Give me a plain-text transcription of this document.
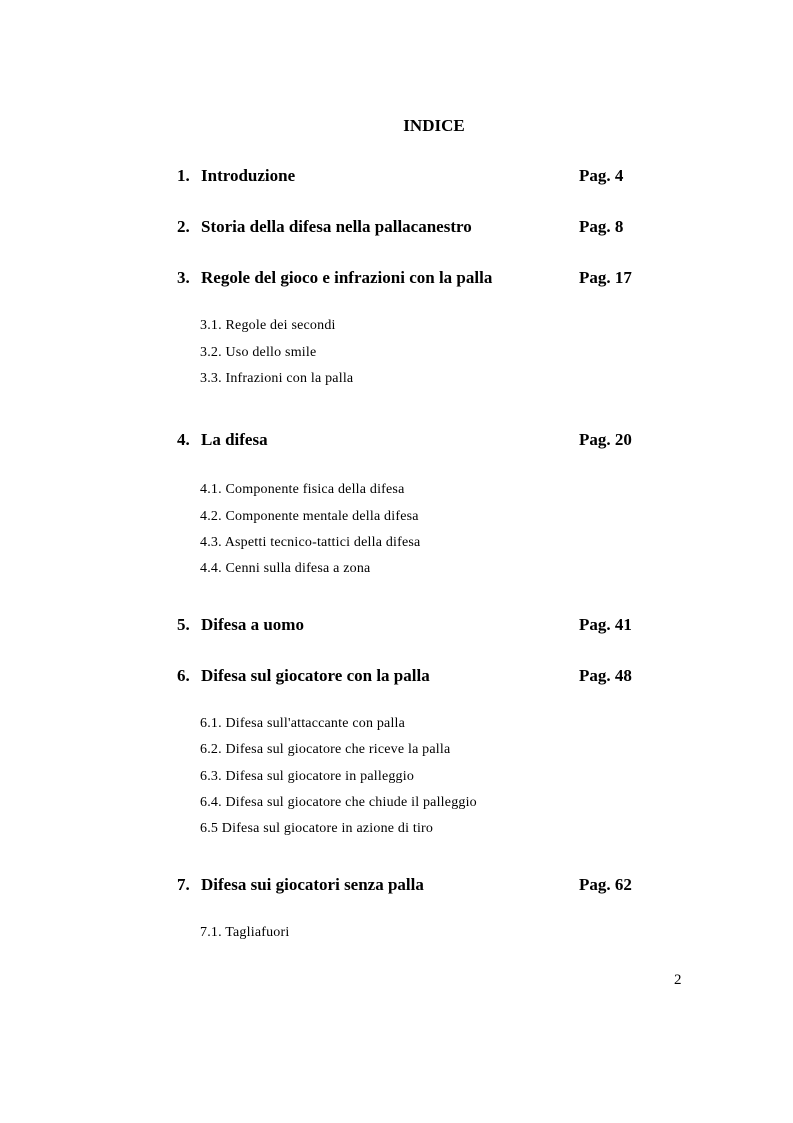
INDICE
1. Introduzione	Pag. 4
2. Storia della difesa nella pallacanestro	Pag. 8
3. Regole del gioco e infrazioni con la palla	Pag. 17
3.1. Regole dei secondi
3.2. Uso dello smile
3.3. Infrazioni con la palla
4. La difesa	Pag. 20
4.1. Componente fisica della difesa
4.2. Componente mentale della difesa
4.3. Aspetti tecnico-tattici della difesa
4.4. Cenni sulla difesa a zona
5. Difesa a uomo	Pag. 41
6. Difesa sul giocatore con la palla	Pag. 48
6.1. Difesa sull'attaccante con palla
6.2. Difesa sul giocatore che riceve la palla
6.3. Difesa sul giocatore in palleggio
6.4. Difesa sul giocatore che chiude il palleggio
6.5 Difesa sul giocatore in azione di tiro
7. Difesa sui giocatori senza palla	Pag. 62
7.1. Tagliafuori
2
